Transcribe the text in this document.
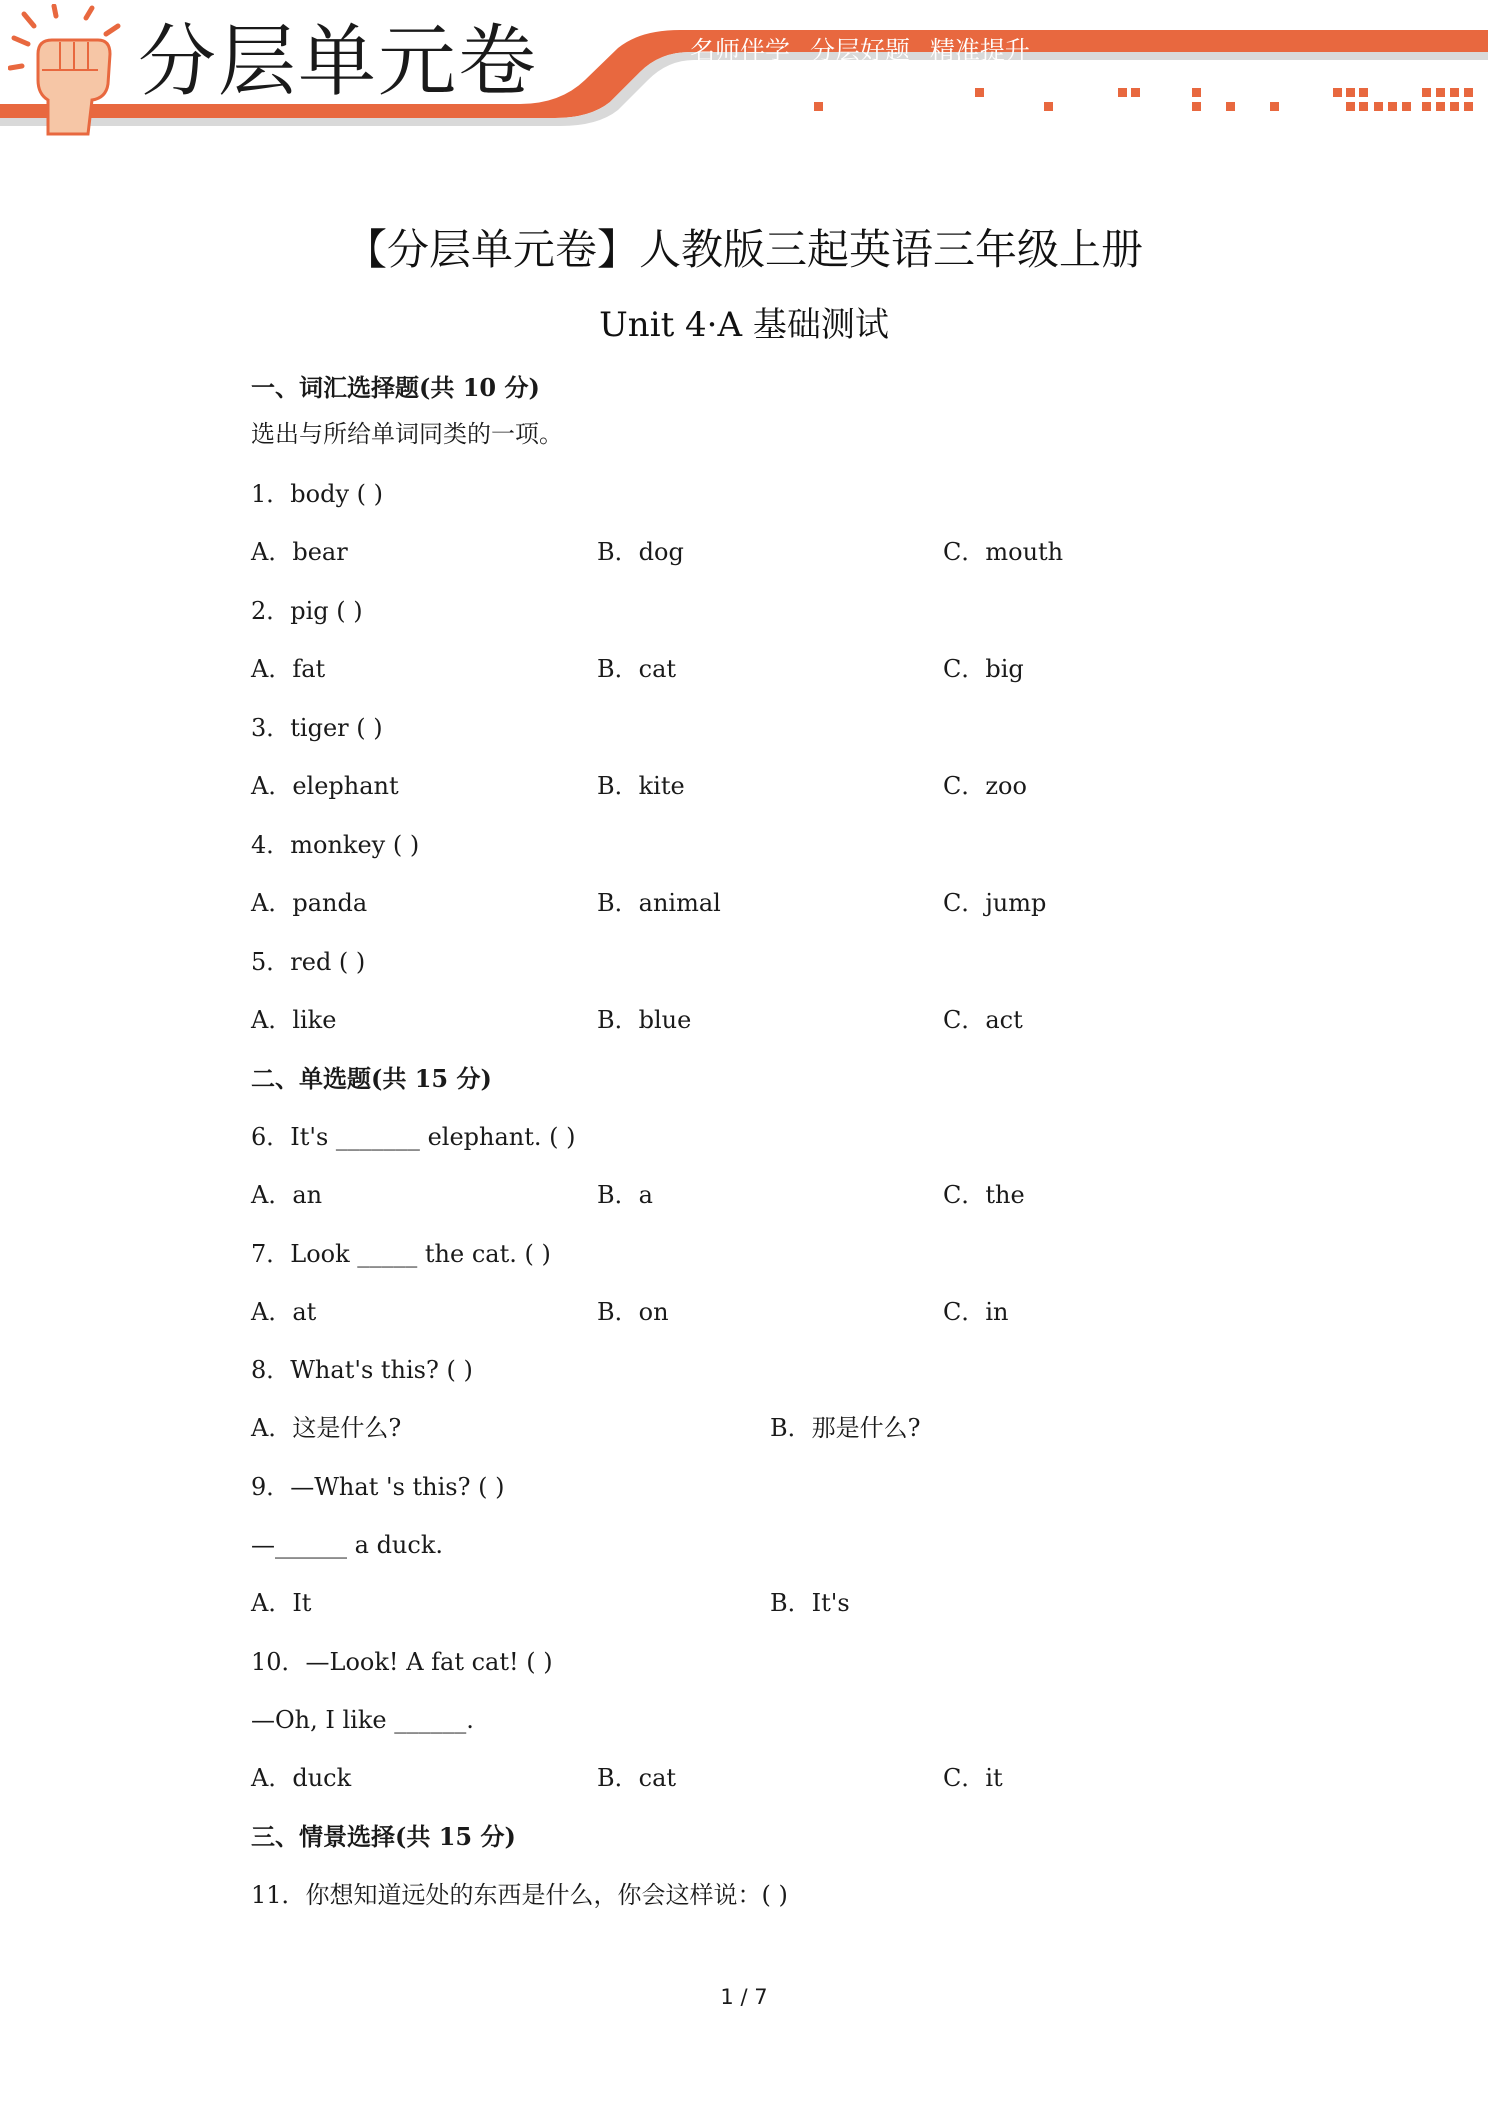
分层单元卷	名师伴学 分层好题 精准提升
【分层单元卷】人教版三起英语三年级上册
Unit 4·A 基础测试
一、词汇选择题(共 10 分)
选出与所给单词同类的一项。
1．body ( )
A．bear	B．dog	C．mouth
2．pig ( )
A．fat	B．cat	C．big
3．tiger ( )
A．elephant	B．kite	C．zoo
4．monkey ( )
A．panda	B．animal	C．jump
5．red ( )
A．like	B．blue	C．act
二、单选题(共 15 分)
6．It's _______ elephant. ( )
A．an	B．a	C．the
7．Look _____ the cat. ( )
A．at	B．on	C．in
8．What's this? ( )
A．这是什么?	B．那是什么?
9．—What 's this? ( )
—______ a duck.
A．It	B．It's
10．—Look! A fat cat! ( )
—Oh, I like ______.
A．duck	B．cat	C．it
三、情景选择(共 15 分)
11．你想知道远处的东西是什么，你会这样说：( )
1 / 7
